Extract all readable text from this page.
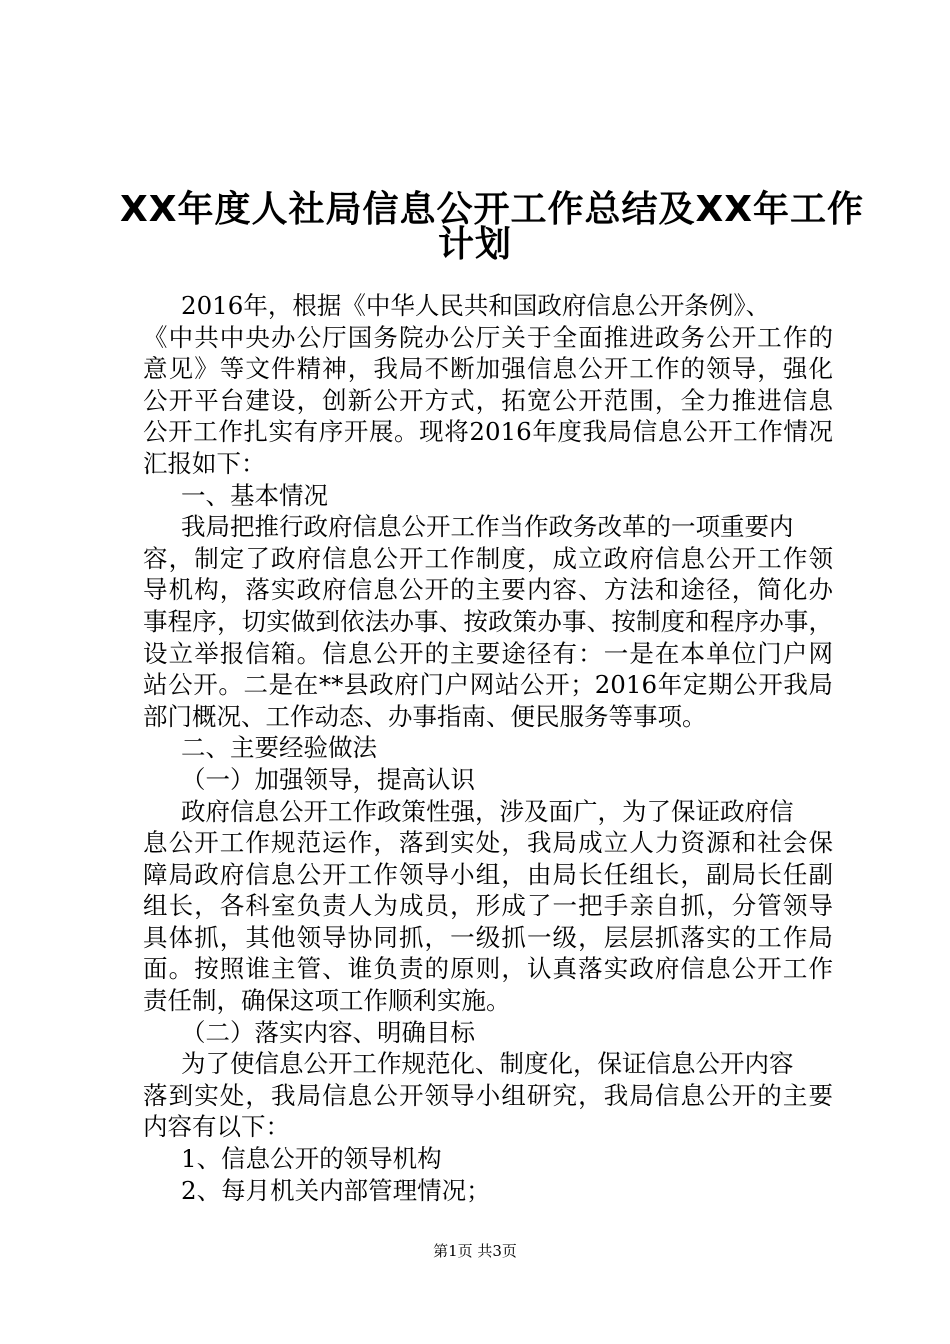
XX年度人社局信息公开工作总结及XX年工作
计划
2016年，根据《中华人民共和国政府信息公开条例》、
《中共中央办公厅国务院办公厅关于全面推进政务公开工作的
意见》等文件精神，我局不断加强信息公开工作的领导，强化
公开平台建设，创新公开方式，拓宽公开范围，全力推进信息
公开工作扎实有序开展。现将2016年度我局信息公开工作情况
汇报如下：
一、基本情况
我局把推行政府信息公开工作当作政务改革的一项重要内
容，制定了政府信息公开工作制度，成立政府信息公开工作领
导机构，落实政府信息公开的主要内容、方法和途径，简化办
事程序，切实做到依法办事、按政策办事、按制度和程序办事，
设立举报信箱。信息公开的主要途径有：一是在本单位门户网
站公开。二是在**县政府门户网站公开；2016年定期公开我局
部门概况、工作动态、办事指南、便民服务等事项。
二、主要经验做法
（一）加强领导，提高认识
政府信息公开工作政策性强，涉及面广，为了保证政府信
息公开工作规范运作，落到实处，我局成立人力资源和社会保
障局政府信息公开工作领导小组，由局长任组长，副局长任副
组长，各科室负责人为成员，形成了一把手亲自抓，分管领导
具体抓，其他领导协同抓，一级抓一级，层层抓落实的工作局
面。按照谁主管、谁负责的原则，认真落实政府信息公开工作
责任制，确保这项工作顺利实施。
（二）落实内容、明确目标
为了使信息公开工作规范化、制度化，保证信息公开内容
落到实处，我局信息公开领导小组研究，我局信息公开的主要
内容有以下：
1、信息公开的领导机构
2、每月机关内部管理情况；
第1页 共3页
